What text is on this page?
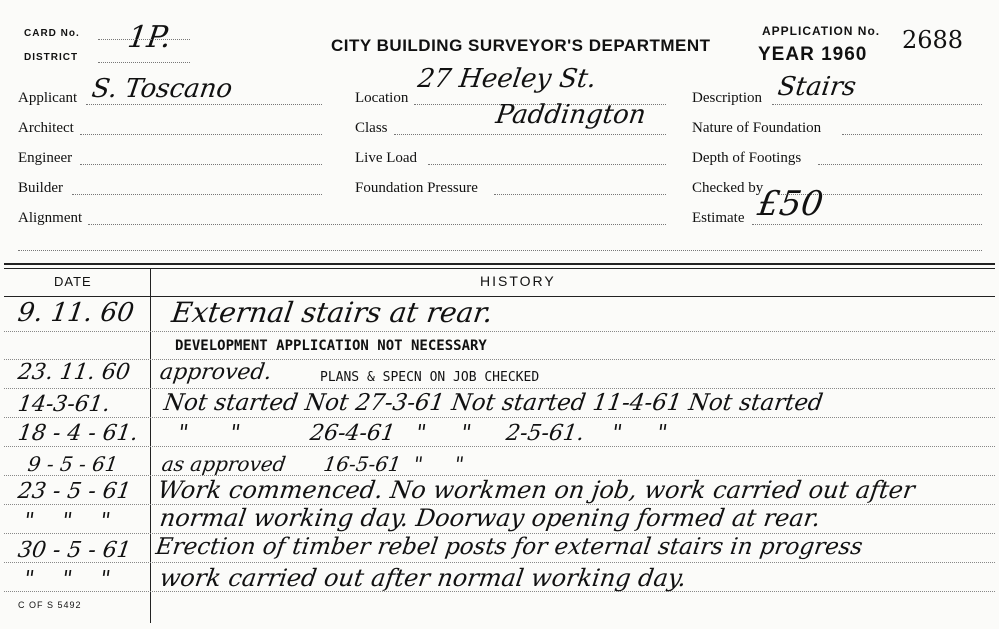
CARD No. 1P.
DISTRICT
CITY BUILDING SURVEYOR'S DEPARTMENT
APPLICATION No.
YEAR 1960
2688
Applicant S. Toscano
Architect
Engineer
Builder
Alignment
Location
27 Heeley St.
Paddington
Class
Live Load
Foundation Pressure
Description Stairs
Nature of Foundation
Depth of Footings
Checked by
Estimate £50
DATE	HISTORY
9. 11. 60 External stairs at rear.
DEVELOPMENT APPLICATION NOT NECESSARY
23. 11. 60 approved.	PLANS & SPECN ON JOB CHECKED
14-3-61. Not started Not 27-3-61 Not started 11-4-61 Not started
18 - 4 - 61. "      "          26-4-61   "     "     2-5-61.    "     "
9 - 5 - 61 as approved      16-5-61  "     "
23 - 5 - 61 Work commenced. No workmen on job, work carried out after
"    "    " normal working day. Doorway opening formed at rear.
30 - 5 - 61 Erection of timber rebel posts for external stairs in progress
"    "    " work carried out after normal working day.
C OF S 5492
